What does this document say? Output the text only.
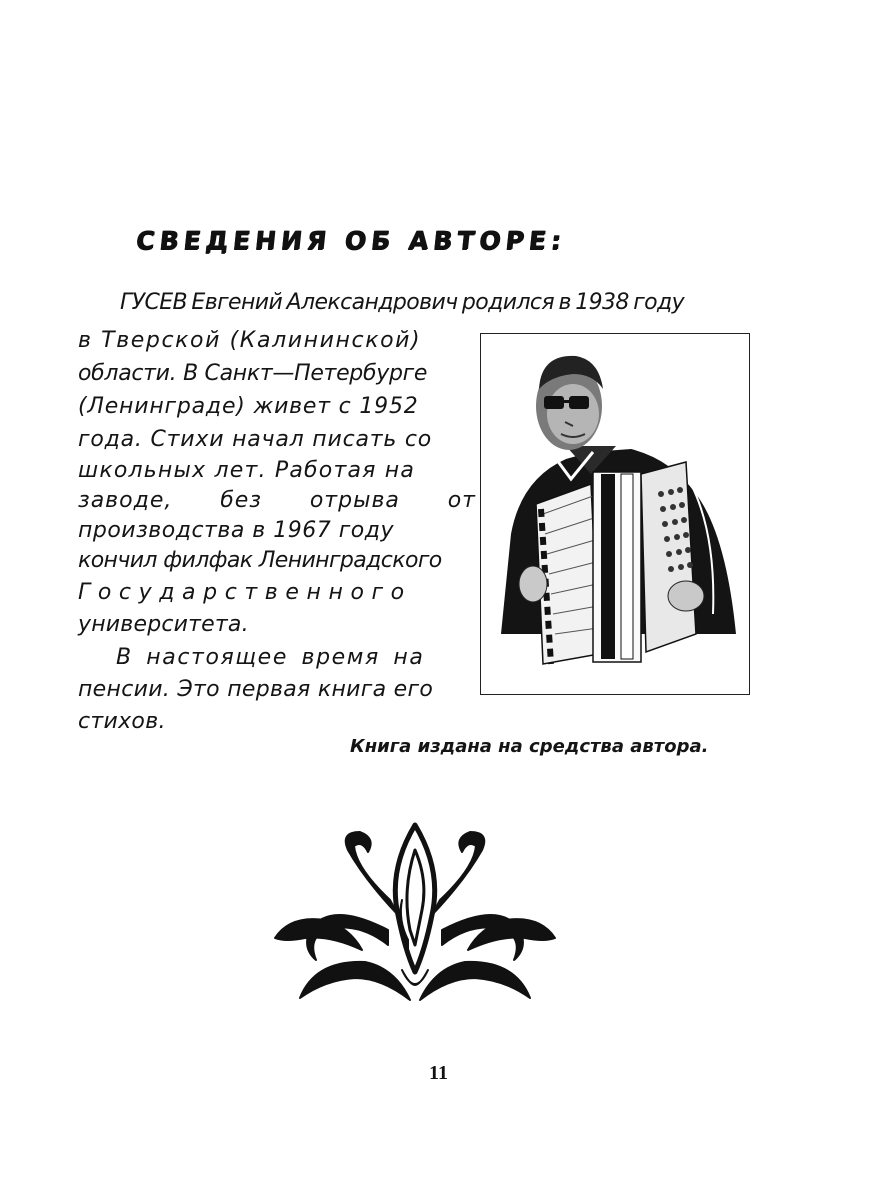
СВЕДЕНИЯ ОБ АВТОРЕ:
ГУСЕВ Евгений Александрович родился в 1938 году
в Тверской (Калининской)
области. В Санкт—Петербурге
(Ленинграде) живет с 1952
года. Стихи начал писать со
школьных лет. Работая на
заводе, без отрыва от
производства в 1967 году
кончил филфак Ленинградского
Государственного
университета.
В настоящее время на
пенсии. Это первая книга его
стихов.
Книга издана на средства автора.
11
